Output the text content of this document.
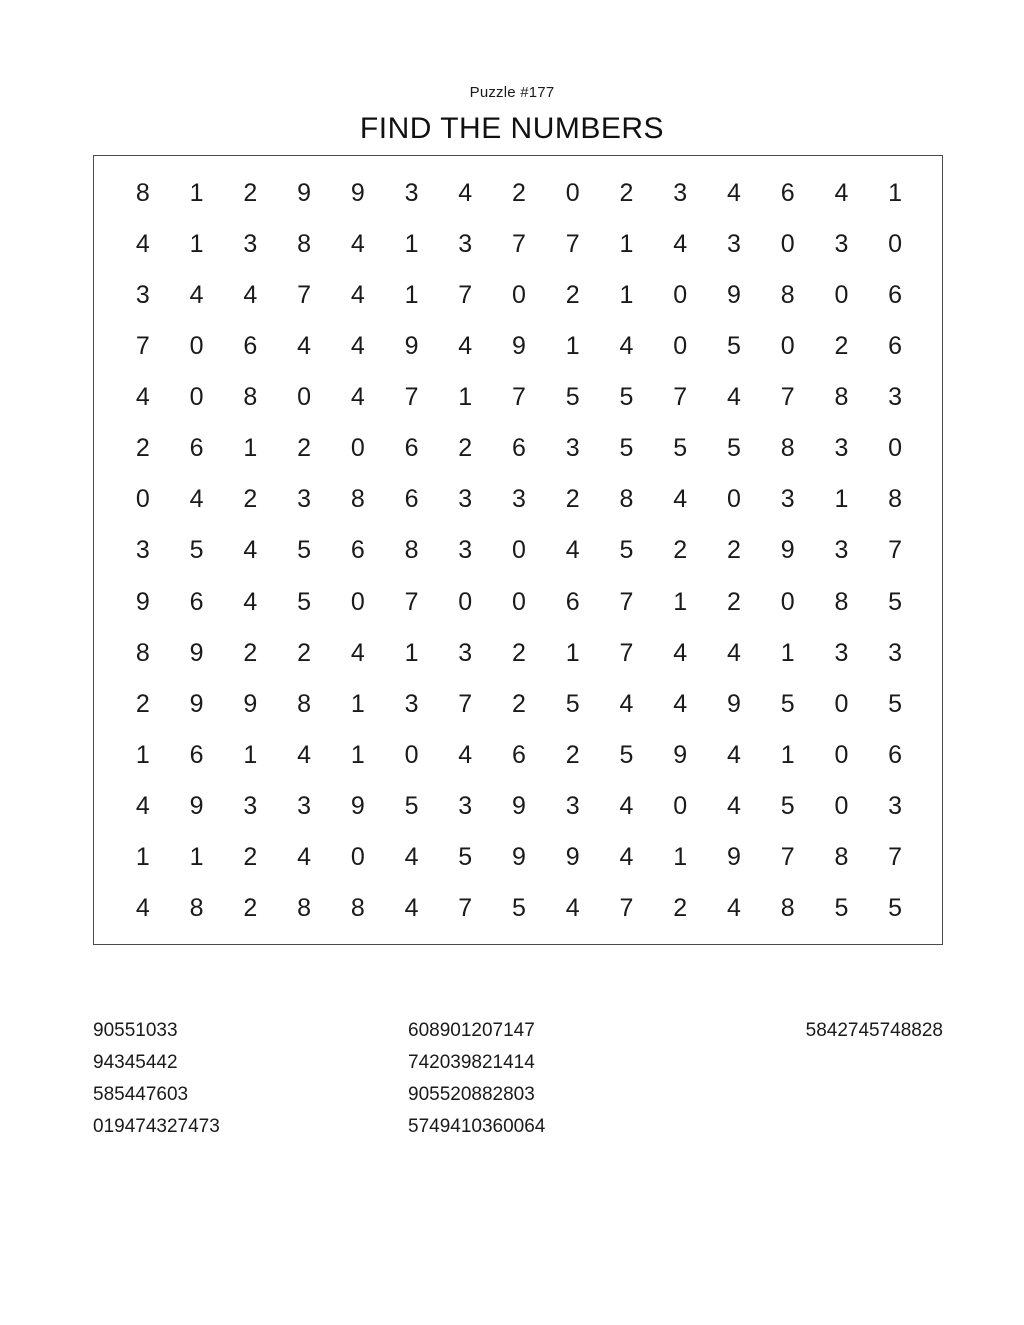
Puzzle #177
FIND THE NUMBERS
8	1	2	9	9	3	4	2	0	2	3	4	6	4	1
4	1	3	8	4	1	3	7	7	1	4	3	0	3	0
3	4	4	7	4	1	7	0	2	1	0	9	8	0	6
7	0	6	4	4	9	4	9	1	4	0	5	0	2	6
4	0	8	0	4	7	1	7	5	5	7	4	7	8	3
2	6	1	2	0	6	2	6	3	5	5	5	8	3	0
0	4	2	3	8	6	3	3	2	8	4	0	3	1	8
3	5	4	5	6	8	3	0	4	5	2	2	9	3	7
9	6	4	5	0	7	0	0	6	7	1	2	0	8	5
8	9	2	2	4	1	3	2	1	7	4	4	1	3	3
2	9	9	8	1	3	7	2	5	4	4	9	5	0	5
1	6	1	4	1	0	4	6	2	5	9	4	1	0	6
4	9	3	3	9	5	3	9	3	4	0	4	5	0	3
1	1	2	4	0	4	5	9	9	4	1	9	7	8	7
4	8	2	8	8	4	7	5	4	7	2	4	8	5	5
90551033
94345442
585447603
019474327473
608901207147
742039821414
905520882803
5749410360064
5842745748828
